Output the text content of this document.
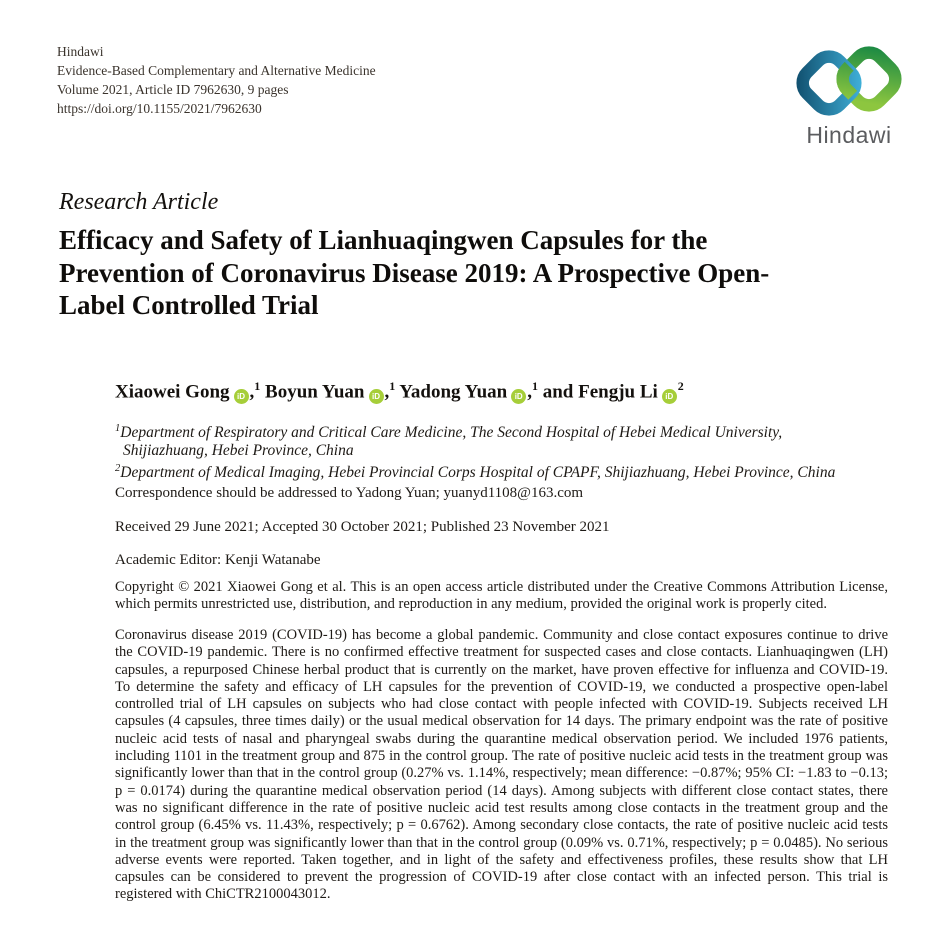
Hindawi
Evidence-Based Complementary and Alternative Medicine
Volume 2021, Article ID 7962630, 9 pages
https://doi.org/10.1155/2021/7962630
Hindawi
Research Article
Efficacy and Safety of Lianhuaqingwen Capsules for the Prevention of Coronavirus Disease 2019: A Prospective Open-Label Controlled Trial
Xiaowei Gong iD ,$^1$ Boyun Yuan iD ,$^1$ Yadong Yuan iD ,$^1$ and Fengju Li $iD^2$
$^1$Department of Respiratory and Critical Care Medicine, The Second Hospital of Hebei Medical University, Shijiazhuang, Hebei Province, China
$^2$Department of Medical Imaging, Hebei Provincial Corps Hospital of CPAPF, Shijiazhuang, Hebei Province, China

Correspondence should be addressed to Yadong Yuan; yuanyd1108@163.com

Received 29 June 2021; Accepted 30 October 2021; Published 23 November 2021

Academic Editor: Kenji Watanabe

Copyright © 2021 Xiaowei Gong et al. This is an open access article distributed under the Creative Commons Attribution License, which permits unrestricted use, distribution, and reproduction in any medium, provided the original work is properly cited.

Coronavirus disease 2019 (COVID-19) has become a global pandemic. Community and close contact exposures continue to drive the COVID-19 pandemic. There is no confirmed effective treatment for suspected cases and close contacts. Lianhuaqingwen (LH) capsules, a repurposed Chinese herbal product that is currently on the market, have proven effective for influenza and COVID-19. To determine the safety and efficacy of LH capsules for the prevention of COVID-19, we conducted a prospective open-label controlled trial of LH capsules on subjects who had close contact with people infected with COVID-19. Subjects received LH capsules (4 capsules, three times daily) or the usual medical observation for 14 days. The primary endpoint was the rate of positive nucleic acid tests of nasal and pharyngeal swabs during the quarantine medical observation period. We included 1976 patients, including 1101 in the treatment group and 875 in the control group. The rate of positive nucleic acid tests in the treatment group was significantly lower than that in the control group (0.27% vs. 1.14%, respectively; mean difference: −0.87%; 95% CI: −1.83 to −0.13; p = 0.0174) during the quarantine medical observation period (14 days). Among subjects with different close contact states, there was no significant difference in the rate of positive nucleic acid test results among close contacts in the treatment group and the control group (6.45% vs. 11.43%, respectively; p = 0.6762). Among secondary close contacts, the rate of positive nucleic acid tests in the treatment group was significantly lower than that in the control group (0.09% vs. 0.71%, respectively; p = 0.0485). No serious adverse events were reported. Taken together, and in light of the safety and effectiveness profiles, these results show that LH capsules can be considered to prevent the progression of COVID-19 after close contact with an infected person. This trial is registered with ChiCTR2100043012.
